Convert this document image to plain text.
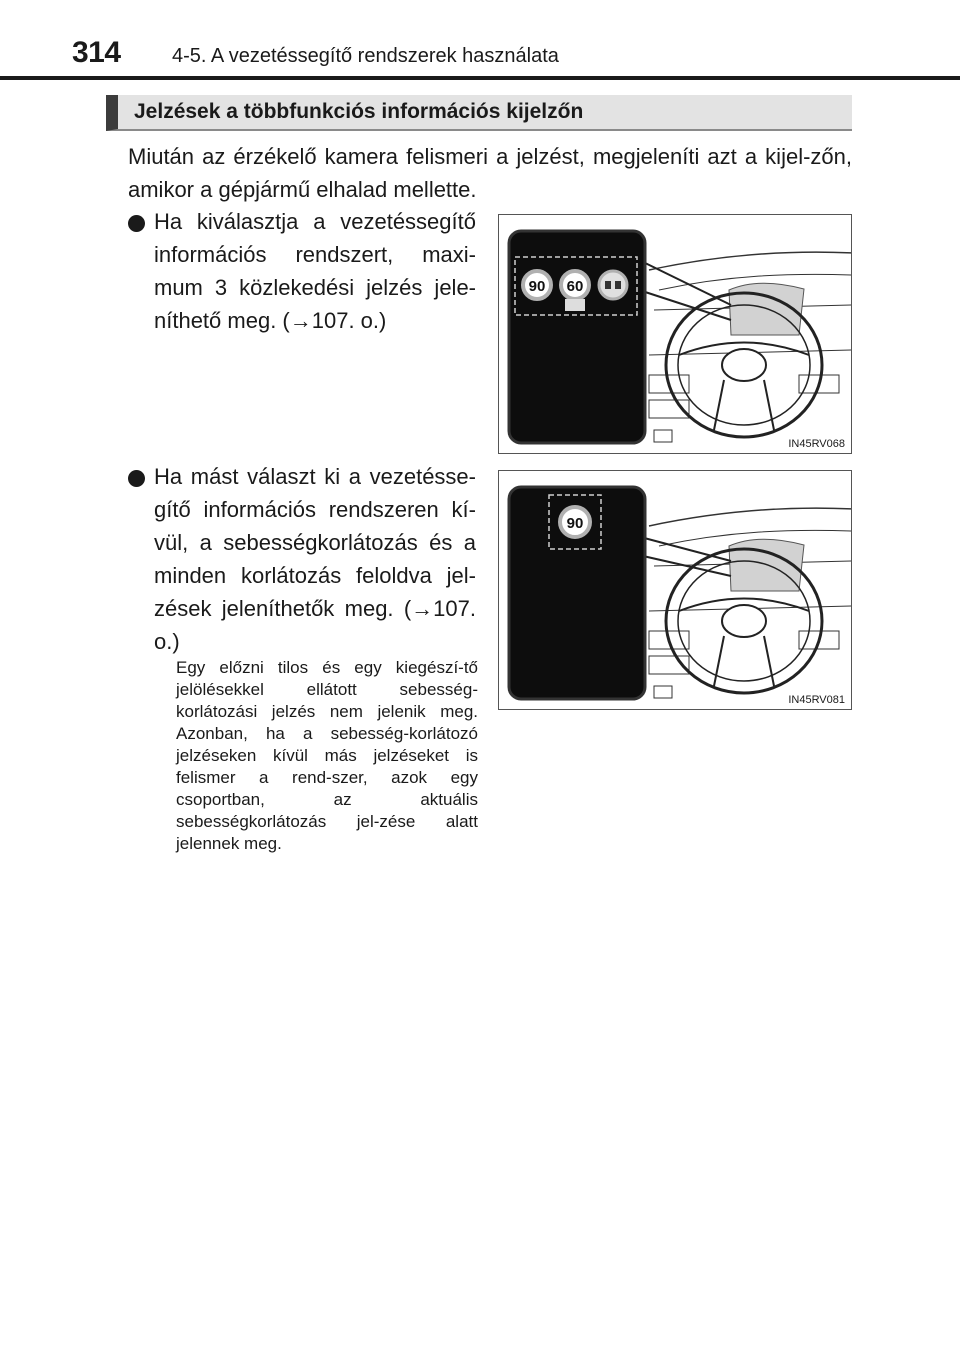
314	4-5. A vezetéssegítő rendszerek használata
Jelzések a többfunkciós információs kijelzőn

Miután az érzékelő kamera felismeri a jelzést, megjeleníti azt a kijel-zőn, amikor a gépjármű elhalad mellette.

Ha kiválasztja a vezetéssegítő információs rendszert, maxi-mum 3 közlekedési jelzés jele-níthető meg. (→107. o.)

Ha mást választ ki a vezetésse-gítő információs rendszeren kí-vül, a sebességkorlátozás és a minden korlátozás feloldva jel-zések jeleníthetők meg. (→107. o.)

Egy előzni tilos és egy kiegészí-tő jelölésekkel ellátott sebesség-korlátozási jelzés nem jelenik meg. Azonban, ha a sebesség-korlátozó jelzéseken kívül más jelzéseket is felismer a rend-szer, azok egy csoportban, az aktuális sebességkorlátozás jel-zése alatt jelennek meg.

90 60
IN45RV068
90
IN45RV081
